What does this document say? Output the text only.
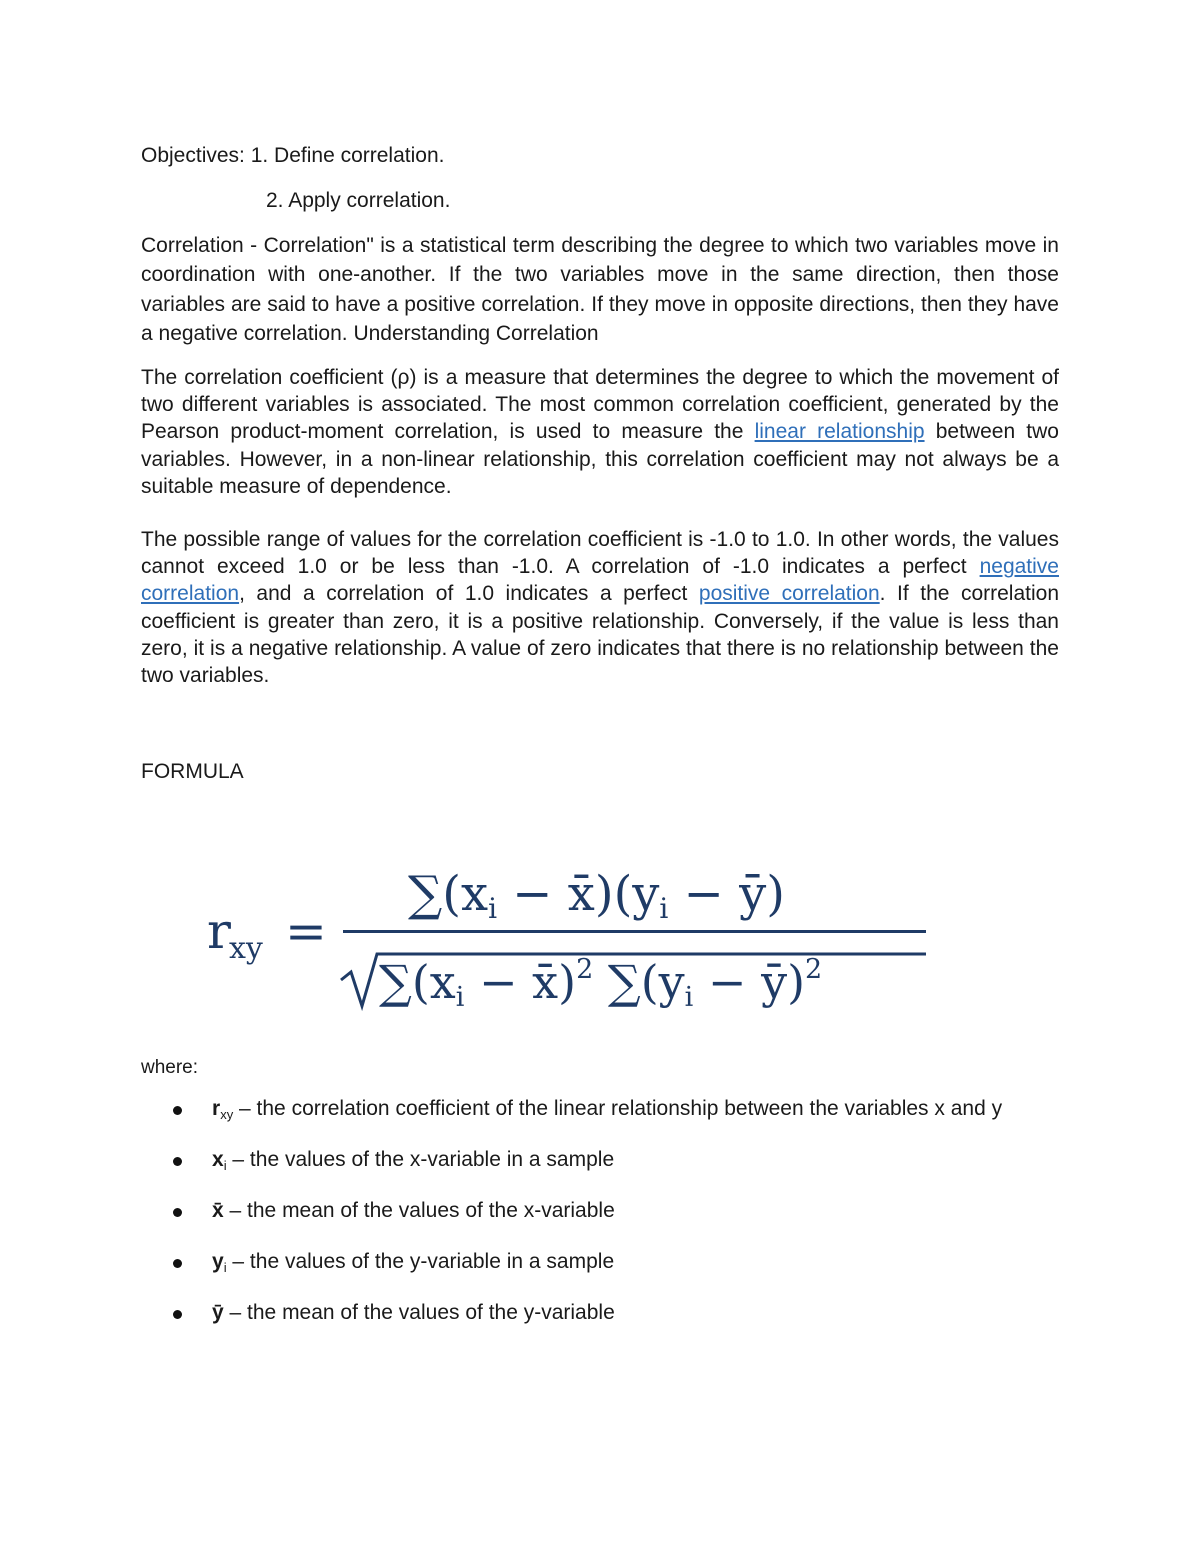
Objectives: 1. Define correlation.
2. Apply correlation.

Correlation - Correlation" is a statistical term describing the degree to which two variables move in coordination with one-another. If the two variables move in the same direction, then those variables are said to have a positive correlation. If they move in opposite directions, then they have a negative correlation. Understanding Correlation

The correlation coefficient (ρ) is a measure that determines the degree to which the movement of two different variables is associated. The most common correlation coefficient, generated by the Pearson product-moment correlation, is used to measure the linear relationship between two variables. However, in a non-linear relationship, this correlation coefficient may not always be a suitable measure of dependence.

The possible range of values for the correlation coefficient is -1.0 to 1.0. In other words, the values cannot exceed 1.0 or be less than -1.0. A correlation of -1.0 indicates a perfect negative correlation, and a correlation of 1.0 indicates a perfect positive correlation. If the correlation coefficient is greater than zero, it is a positive relationship. Conversely, if the value is less than zero, it is a negative relationship. A value of zero indicates that there is no relationship between the two variables.

FORMULA
r
xy =
∑(xi − x̄)(yi − ȳ)
∑(xi − x̄)$^2$ ∑(yi − ȳ)$^2$
where:
$r_{xy}$ – the correlation coefficient of the linear relationship between the variables x and y
$x_i$ – the values of the x-variable in a sample
x̄ – the mean of the values of the x-variable
$y_i$ – the values of the y-variable in a sample
ȳ – the mean of the values of the y-variable
